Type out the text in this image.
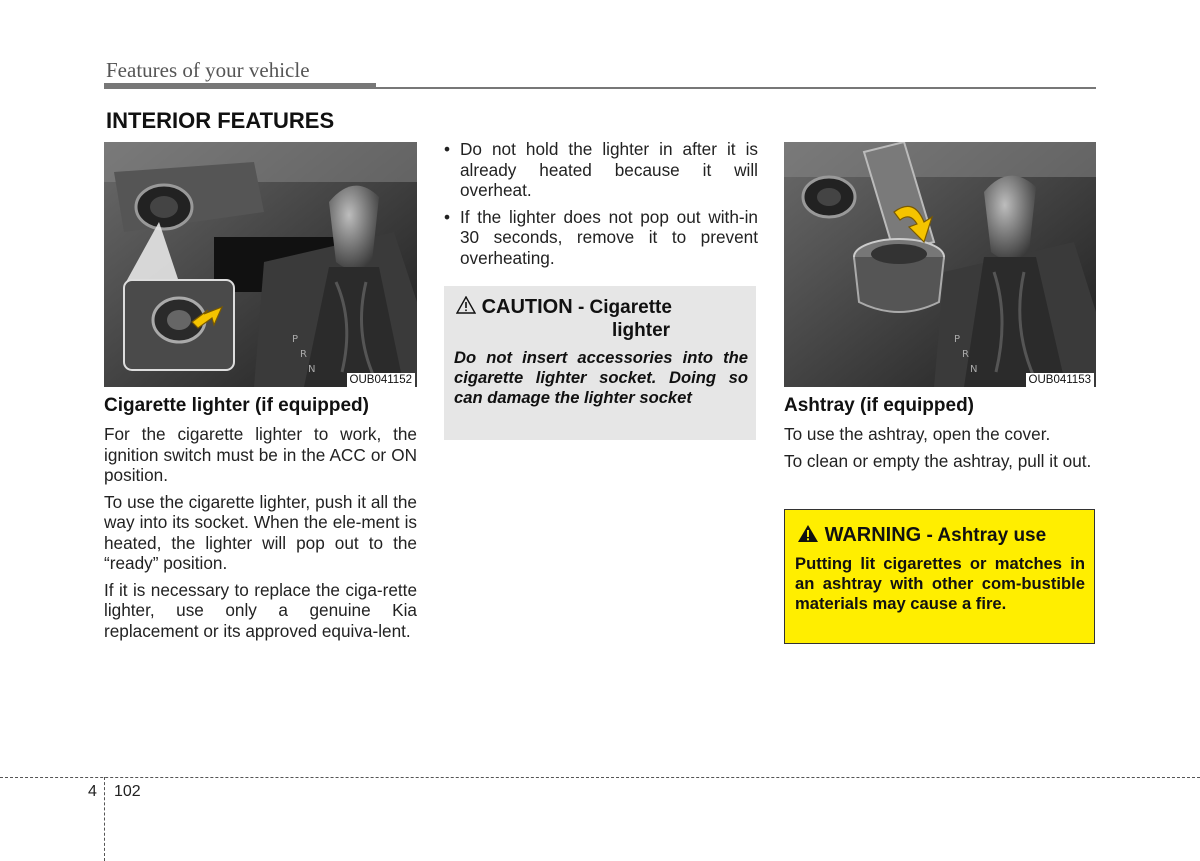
Features of your vehicle
INTERIOR FEATURES
P
R
N
OUB041152
Cigarette lighter (if equipped)

For the cigarette lighter to work, the ignition switch must be in the ACC or ON position.

To use the cigarette lighter, push it all the way into its socket. When the ele-ment is heated, the lighter will pop out to the “ready” position.

If it is necessary to replace the ciga-rette lighter, use only a genuine Kia replacement or its approved equiva-lent.

• Do not hold the lighter in after it is already heated because it will overheat.
• If the lighter does not pop out with-in 30 seconds, remove it to prevent overheating.
CAUTION - Cigarette
lighter
Do not insert accessories into the cigarette lighter socket. Doing so can damage the lighter socket
P
R
N
OUB041153
Ashtray (if equipped)

To use the ashtray, open the cover.

To clean or empty the ashtray, pull it out.

WARNING - Ashtray use
Putting lit cigarettes or matches in an ashtray with other com-bustible materials may cause a fire.
4 102
